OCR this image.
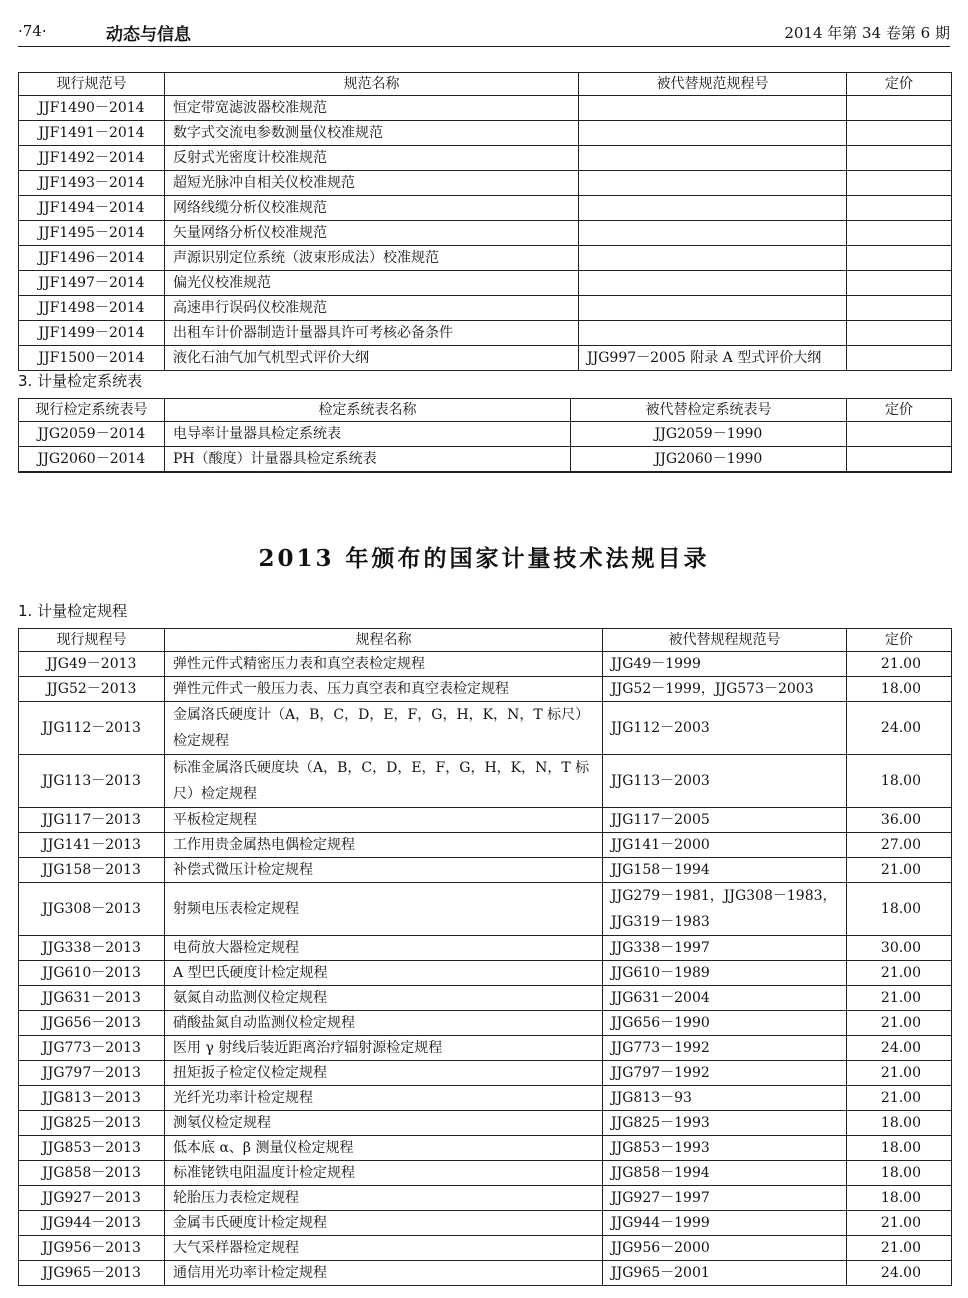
·74·	动态与信息	2014 年第 34 卷第 6 期
现行规范号	规范名称	被代替规范规程号	定价
JJF1490－2014	恒定带宽滤波器校准规范		
JJF1491－2014	数字式交流电参数测量仪校准规范		
JJF1492－2014	反射式光密度计校准规范		
JJF1493－2014	超短光脉冲自相关仪校准规范		
JJF1494－2014	网络线缆分析仪校准规范		
JJF1495－2014	矢量网络分析仪校准规范		
JJF1496－2014	声源识别定位系统（波束形成法）校准规范		
JJF1497－2014	偏光仪校准规范		
JJF1498－2014	高速串行误码仪校准规范		
JJF1499－2014	出租车计价器制造计量器具许可考核必备条件		
JJF1500－2014	液化石油气加气机型式评价大纲	JJG997－2005 附录 A 型式评价大纲	
3. 计量检定系统表
现行检定系统表号	检定系统表名称	被代替检定系统表号	定价
JJG2059－2014	电导率计量器具检定系统表	JJG2059－1990	
JJG2060－2014	PH（酸度）计量器具检定系统表	JJG2060－1990	

2013 年颁布的国家计量技术法规目录
1. 计量检定规程
现行规程号	规程名称	被代替规程规范号	定价
JJG49－2013	弹性元件式精密压力表和真空表检定规程	JJG49－1999	21.00
JJG52－2013	弹性元件式一般压力表、压力真空表和真空表检定规程	JJG52－1999，JJG573－2003	18.00
JJG112－2013	金属洛氏硬度计（A，B，C，D，E，F，G，H，K，N，T 标尺）检定规程	JJG112－2003	24.00
JJG113－2013	标准金属洛氏硬度块（A，B，C，D，E，F，G，H，K，N，T 标尺）检定规程	JJG113－2003	18.00
JJG117－2013	平板检定规程	JJG117－2005	36.00
JJG141－2013	工作用贵金属热电偶检定规程	JJG141－2000	27.00
JJG158－2013	补偿式微压计检定规程	JJG158－1994	21.00
JJG308－2013	射频电压表检定规程	JJG279－1981，JJG308－1983，JJG319－1983	18.00
JJG338－2013	电荷放大器检定规程	JJG338－1997	30.00
JJG610－2013	A 型巴氏硬度计检定规程	JJG610－1989	21.00
JJG631－2013	氨氮自动监测仪检定规程	JJG631－2004	21.00
JJG656－2013	硝酸盐氮自动监测仪检定规程	JJG656－1990	21.00
JJG773－2013	医用 γ 射线后装近距离治疗辐射源检定规程	JJG773－1992	24.00
JJG797－2013	扭矩扳子检定仪检定规程	JJG797－1992	21.00
JJG813－2013	光纤光功率计检定规程	JJG813－93	21.00
JJG825－2013	测氡仪检定规程	JJG825－1993	18.00
JJG853－2013	低本底 α、β 测量仪检定规程	JJG853－1993	18.00
JJG858－2013	标准铑铁电阻温度计检定规程	JJG858－1994	18.00
JJG927－2013	轮胎压力表检定规程	JJG927－1997	18.00
JJG944－2013	金属韦氏硬度计检定规程	JJG944－1999	21.00
JJG956－2013	大气采样器检定规程	JJG956－2000	21.00
JJG965－2013	通信用光功率计检定规程	JJG965－2001	24.00
